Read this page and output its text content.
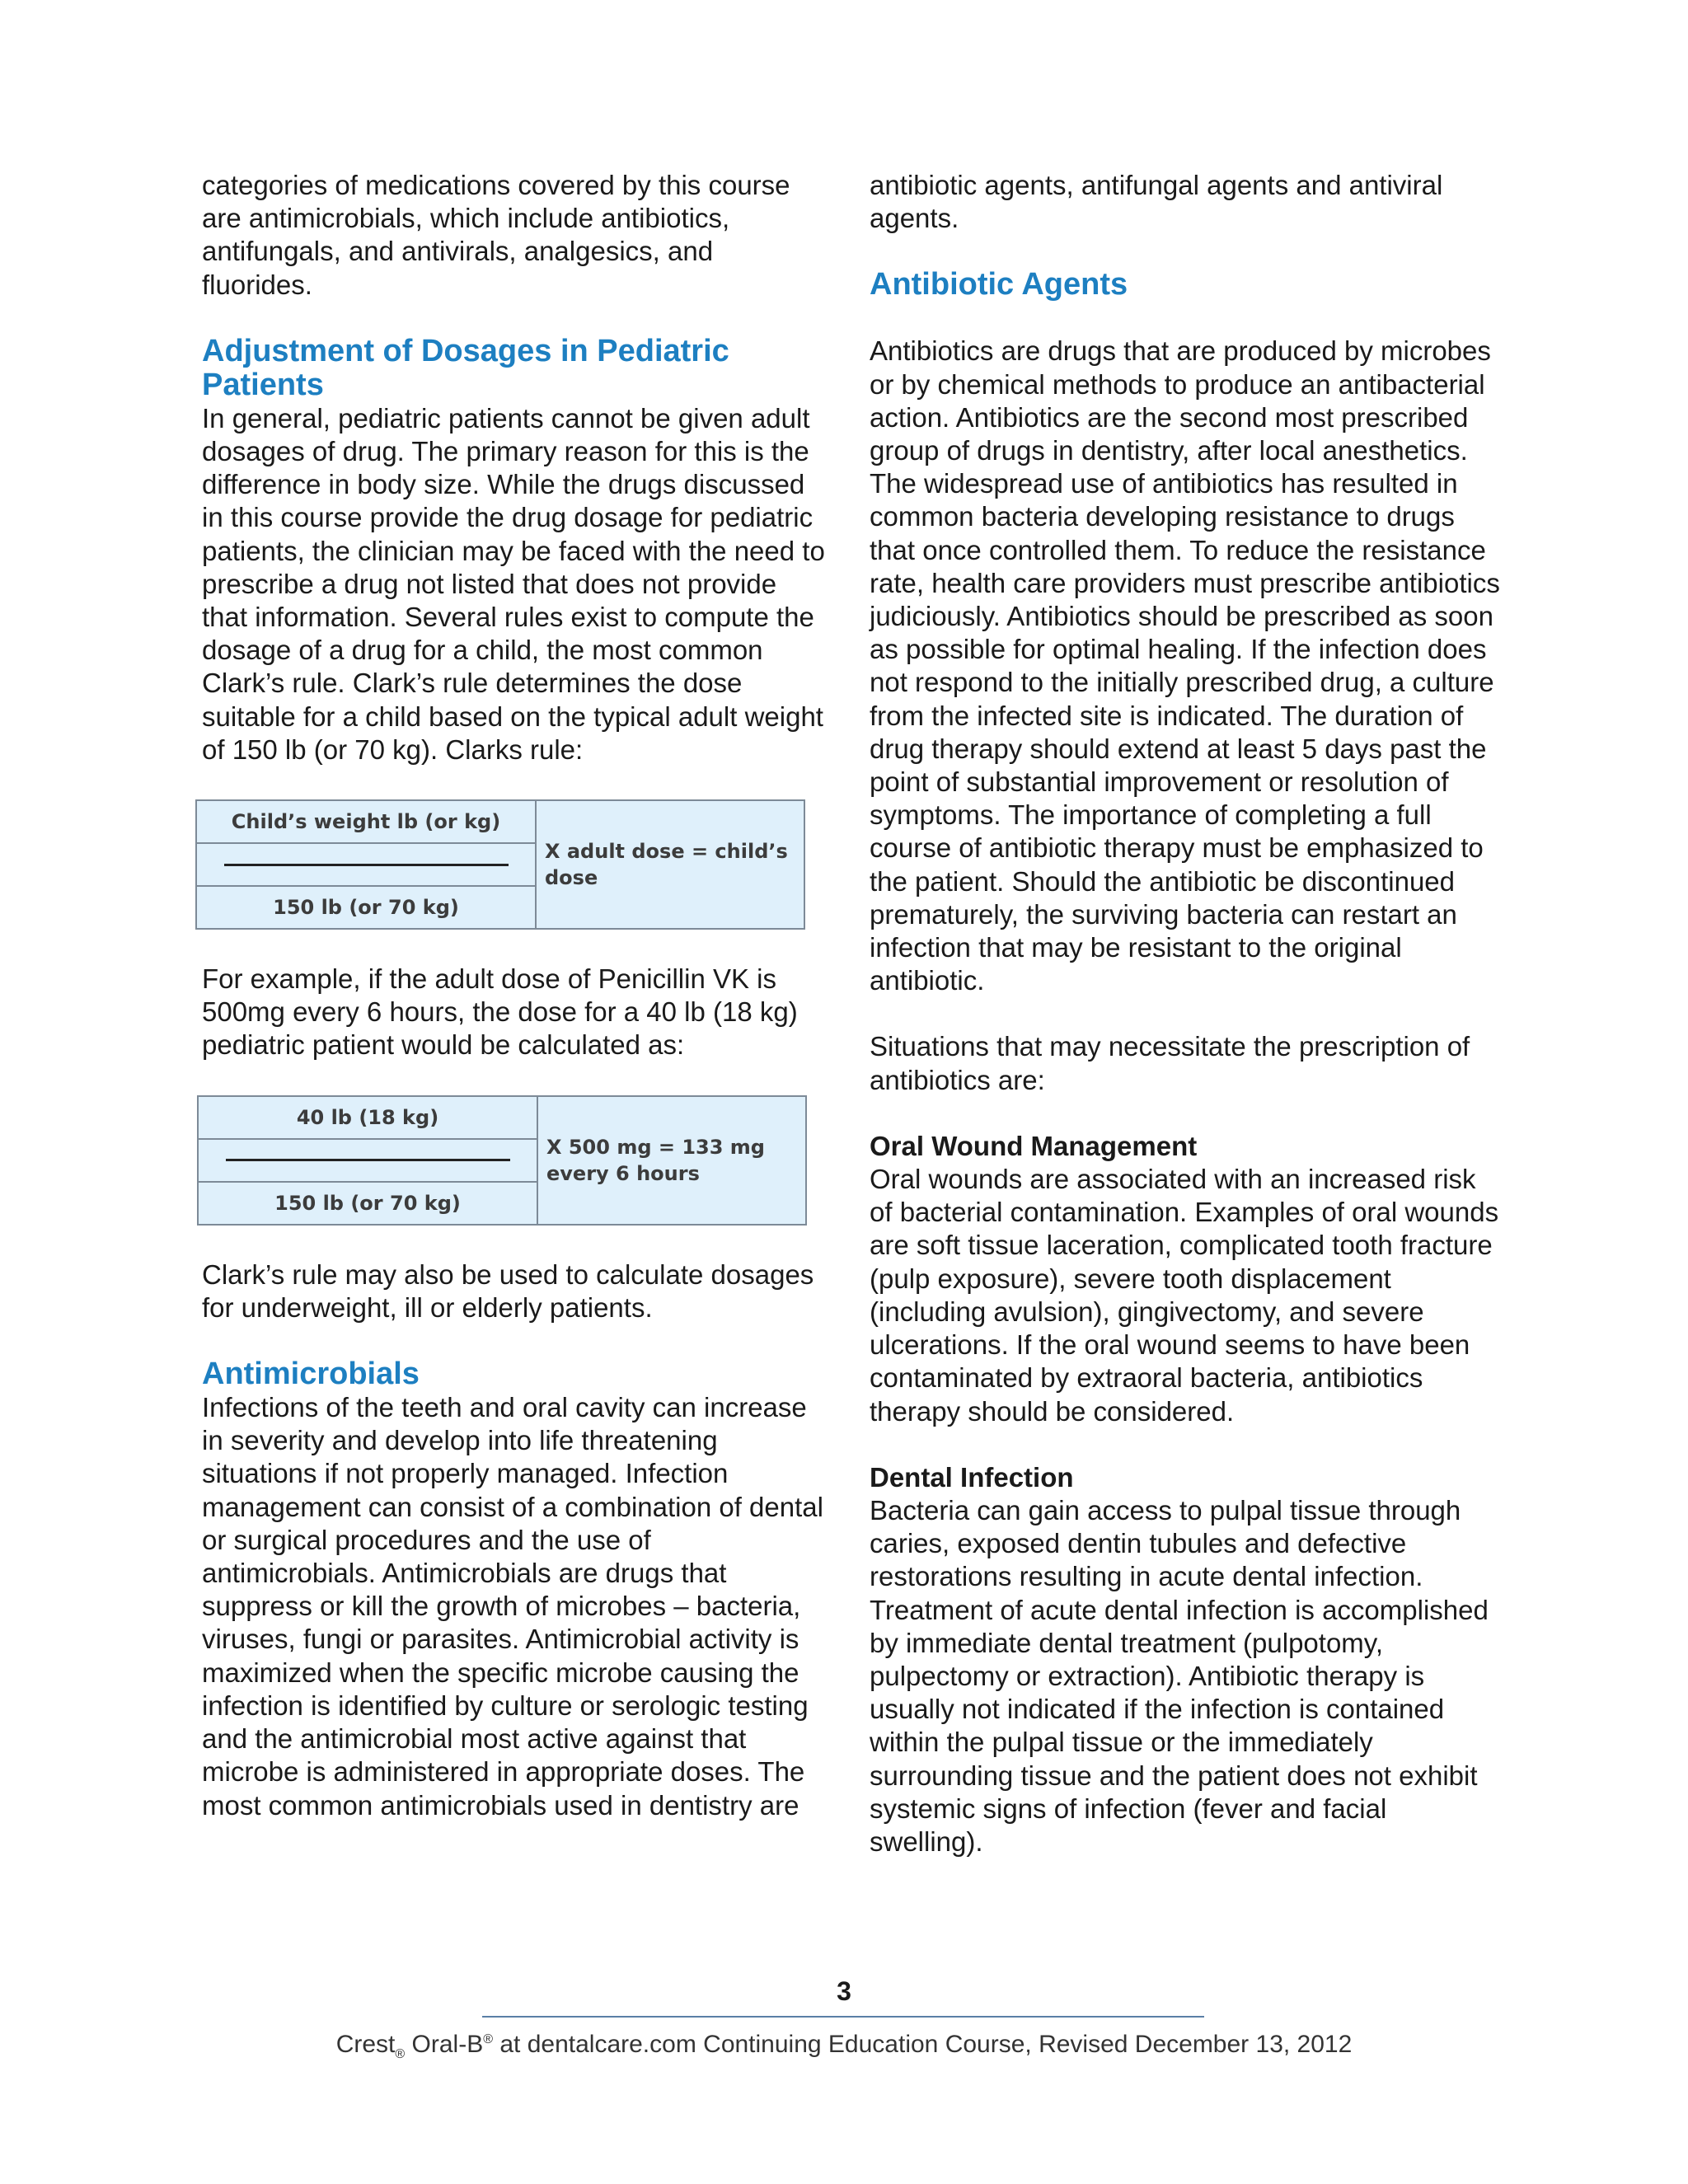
categories of medications covered by this course are antimicrobials, which include antibiotics, antifungals, and antivirals, analgesics, and fluorides.

Adjustment of Dosages in Pediatric Patients

In general, pediatric patients cannot be given adult dosages of drug. The primary reason for this is the difference in body size. While the drugs discussed in this course provide the drug dosage for pediatric patients, the clinician may be faced with the need to prescribe a drug not listed that does not provide that information. Several rules exist to compute the dosage of a drug for a child, the most common Clark’s rule. Clark’s rule determines the dose suitable for a child based on the typical adult weight of 150 lb (or 70 kg). Clarks rule:

Child’s weight lb (or kg)
150 lb (or 70 kg)
X adult dose = child’s dose

For example, if the adult dose of Penicillin VK is 500mg every 6 hours, the dose for a 40 lb (18 kg) pediatric patient would be calculated as:

40 lb (18 kg)
150 lb (or 70 kg)
X 500 mg = 133 mg every 6 hours

Clark’s rule may also be used to calculate dosages for underweight, ill or elderly patients.

Antimicrobials

Infections of the teeth and oral cavity can increase in severity and develop into life threatening situations if not properly managed. Infection management can consist of a combination of dental or surgical procedures and the use of antimicrobials. Antimicrobials are drugs that suppress or kill the growth of microbes – bacteria, viruses, fungi or parasites. Antimicrobial activity is maximized when the specific microbe causing the infection is identified by culture or serologic testing and the antimicrobial most active against that microbe is administered in appropriate doses. The most common antimicrobials used in dentistry are

antibiotic agents, antifungal agents and antiviral agents.

Antibiotic Agents

Antibiotics are drugs that are produced by microbes or by chemical methods to produce an antibacterial action. Antibiotics are the second most prescribed group of drugs in dentistry, after local anesthetics. The widespread use of antibiotics has resulted in common bacteria developing resistance to drugs that once controlled them. To reduce the resistance rate, health care providers must prescribe antibiotics judiciously. Antibiotics should be prescribed as soon as possible for optimal healing. If the infection does not respond to the initially prescribed drug, a culture from the infected site is indicated. The duration of drug therapy should extend at least 5 days past the point of substantial improvement or resolution of symptoms. The importance of completing a full course of antibiotic therapy must be emphasized to the patient. Should the antibiotic be discontinued prematurely, the surviving bacteria can restart an infection that may be resistant to the original antibiotic.

Situations that may necessitate the prescription of antibiotics are:

Oral Wound Management

Oral wounds are associated with an increased risk of bacterial contamination. Examples of oral wounds are soft tissue laceration, complicated tooth fracture (pulp exposure), severe tooth displacement (including avulsion), gingivectomy, and severe ulcerations. If the oral wound seems to have been contaminated by extraoral bacteria, antibiotics therapy should be considered.

Dental Infection

Bacteria can gain access to pulpal tissue through caries, exposed dentin tubules and defective restorations resulting in acute dental infection. Treatment of acute dental infection is accomplished by immediate dental treatment (pulpotomy, pulpectomy or extraction). Antibiotic therapy is usually not indicated if the infection is contained within the pulpal tissue or the immediately surrounding tissue and the patient does not exhibit systemic signs of infection (fever and facial swelling).

3
Crest$_®$ Oral-B® at dentalcare.com Continuing Education Course, Revised December 13, 2012
